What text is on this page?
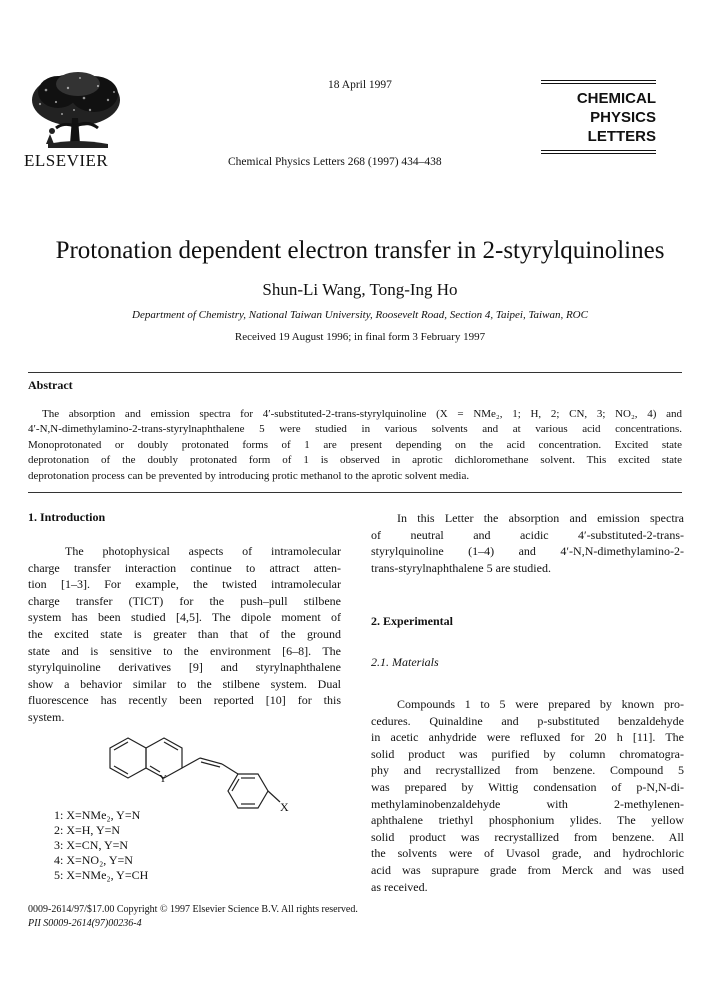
ELSEVIER
18 April 1997
Chemical Physics Letters 268 (1997) 434–438
CHEMICAL
PHYSICS
LETTERS
Protonation dependent electron transfer in 2-styrylquinolines
Shun-Li Wang, Tong-Ing Ho
Department of Chemistry, National Taiwan University, Roosevelt Road, Section 4, Taipei, Taiwan, ROC
Received 19 August 1996; in final form 3 February 1997
Abstract
The absorption and emission spectra for 4′-substituted-2-trans-styrylquinoline (X = NMe₂, 1; H, 2; CN, 3; NO₂, 4) and
4′-N,N-dimethylamino-2-trans-styrylnaphthalene 5 were studied in various solvents and at various acid concentrations.
Monoprotonated or doubly protonated forms of 1 are present depending on the acid concentration. Excited state
deprotonation of the doubly protonated form of 1 is observed in aprotic dichloromethane solvent. This excited state
deprotonation process can be prevented by introducing protic methanol to the aprotic solvent media.
1. Introduction
The photophysical aspects of intramolecular
charge transfer interaction continue to attract atten-
tion [1–3]. For example, the twisted intramolecular
charge transfer (TICT) for the push–pull stilbene
system has been studied [4,5]. The dipole moment of
the excited state is greater than that of the ground
state and is sensitive to the environment [6–8]. The
styrylquinoline derivatives [9] and styrylnaphthalene
show a behavior similar to the stilbene system. Dual
fluorescence has recently been reported [10] for this
system.
Y
X
1: X=NMe₂, Y=N
2: X=H, Y=N
3: X=CN, Y=N
4: X=NO₂, Y=N
5: X=NMe₂, Y=CH
In this Letter the absorption and emission spectra
of neutral and acidic 4′-substituted-2-trans-
styrylquinoline (1–4) and 4′-N,N-dimethylamino-2-
trans-styrylnaphthalene 5 are studied.
2. Experimental
2.1. Materials
Compounds 1 to 5 were prepared by known pro-
cedures. Quinaldine and p-substituted benzaldehyde
in acetic anhydride were refluxed for 20 h [11]. The
solid product was purified by column chromatogra-
phy and recrystallized from benzene. Compound 5
was prepared by Wittig condensation of p-N,N-di-
methylaminobenzaldehyde with 2-methylenen-
aphthalene triethyl phosphonium ylides. The yellow
solid product was recrystallized from benzene. All
the solvents were of Uvasol grade, and hydrochloric
acid was suprapure grade from Merck and was used
as received.
0009-2614/97/$17.00 Copyright © 1997 Elsevier Science B.V. All rights reserved.
PII S0009-2614(97)00236-4
